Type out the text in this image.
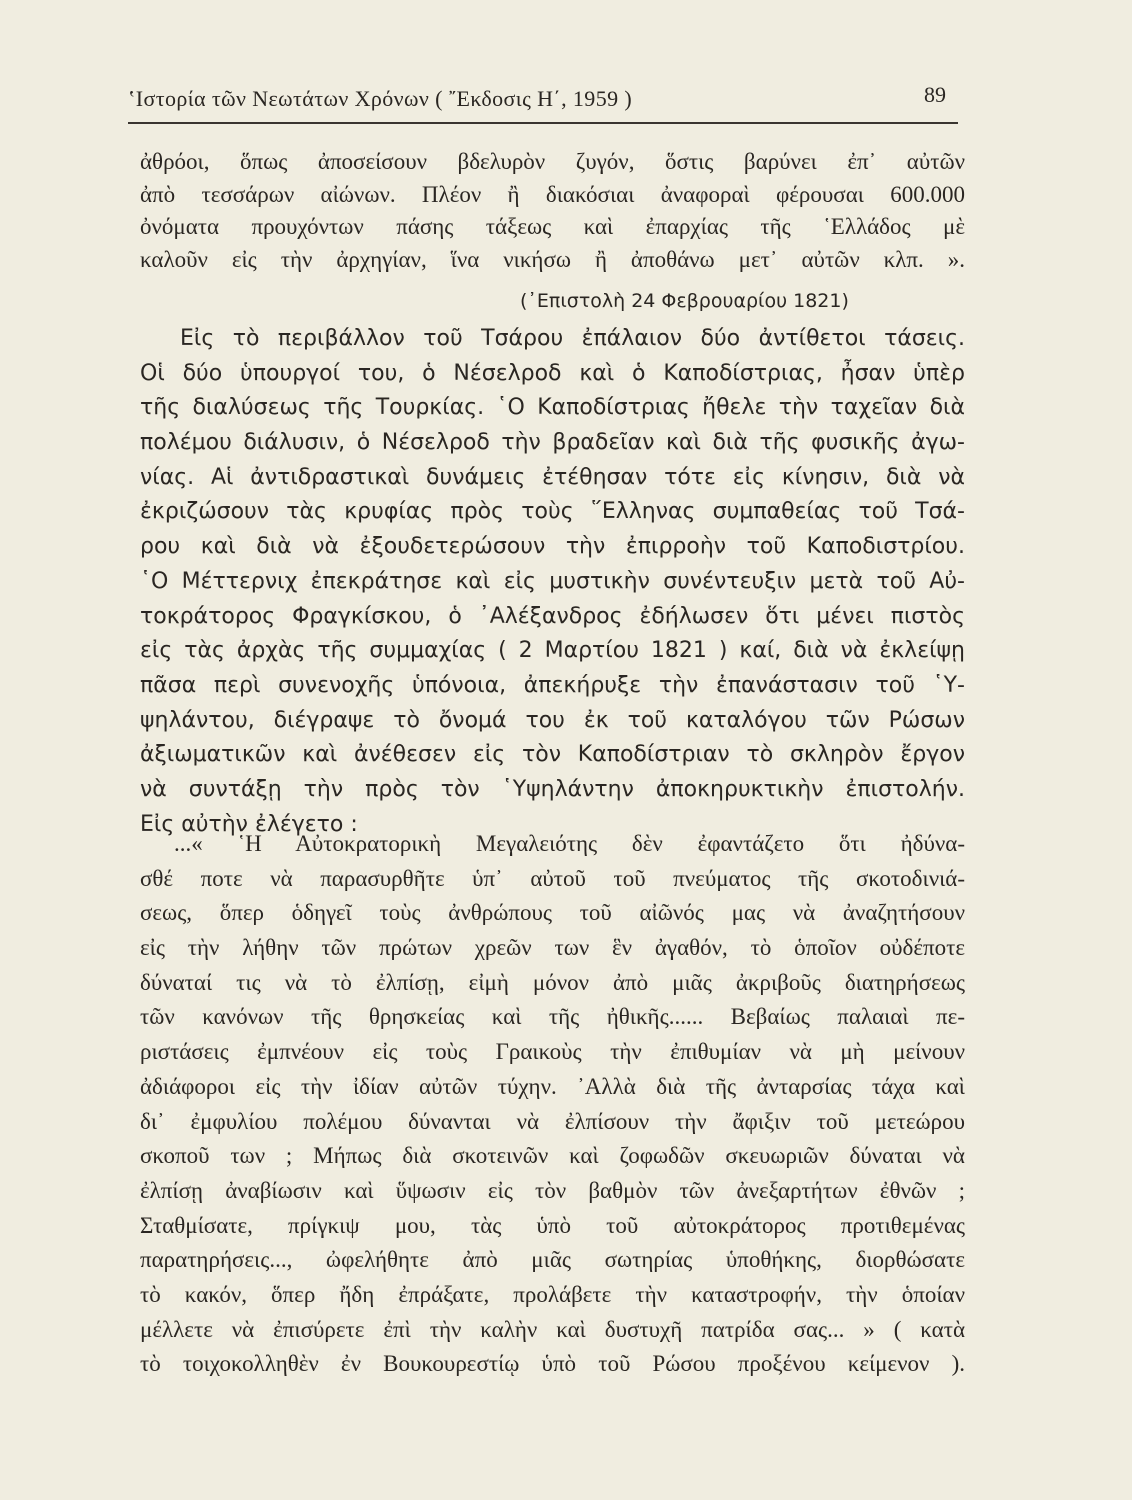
ʽΙστορία τῶν Νεωτάτων Χρόνων ( ῎Εκδοσις Η΄, 1959 )	89
ἀθρόοι, ὅπως ἀποσείσουν βδελυρὸν ζυγόν, ὅστις βαρύνει ἐπ᾽ αὐτῶν
ἀπὸ τεσσάρων αἰώνων. Πλέον ἢ διακόσιαι ἀναφοραὶ φέρουσαι 600.000
ὀνόματα προυχόντων πάσης τάξεως καὶ ἐπαρχίας τῆς ῾Ελλάδος μὲ
καλοῦν εἰς τὴν ἀρχηγίαν, ἵνα νικήσω ἢ ἀποθάνω μετ᾽ αὐτῶν κλπ. ».
(᾽Επιστολὴ 24 Φεβρουαρίου 1821)
Εἰς τὸ περιβάλλον τοῦ Τσάρου ἐπάλαιον δύο ἀντίθετοι τάσεις.
Οἱ δύο ὑπουργοί του, ὁ Νέσελροδ καὶ ὁ Καποδίστριας, ἦσαν ὑπὲρ
τῆς διαλύσεως τῆς Τουρκίας. ῾Ο Καποδίστριας ἤθελε τὴν ταχεῖαν διὰ
πολέμου διάλυσιν, ὁ Νέσελροδ τὴν βραδεῖαν καὶ διὰ τῆς φυσικῆς ἀγω-
νίας. Αἱ ἀντιδραστικαὶ δυνάμεις ἐτέθησαν τότε εἰς κίνησιν, διὰ νὰ
ἐκριζώσουν τὰς κρυφίας πρὸς τοὺς ῞Ελληνας συμπαθείας τοῦ Τσά-
ρου καὶ διὰ νὰ ἐξουδετερώσουν τὴν ἐπιρροὴν τοῦ Καποδιστρίου.
῾Ο Μέττερνιχ ἐπεκράτησε καὶ εἰς μυστικὴν συνέντευξιν μετὰ τοῦ Αὐ-
τοκράτορος Φραγκίσκου, ὁ ᾽Αλέξανδρος ἐδήλωσεν ὅτι μένει πιστὸς
εἰς τὰς ἀρχὰς τῆς συμμαχίας ( 2 Μαρτίου 1821 ) καί, διὰ νὰ ἐκλείψῃ
πᾶσα περὶ συνενοχῆς ὑπόνοια, ἀπεκήρυξε τὴν ἐπανάστασιν τοῦ ῾Υ-
ψηλάντου, διέγραψε τὸ ὄνομά του ἐκ τοῦ καταλόγου τῶν Ρώσων
ἀξιωματικῶν καὶ ἀνέθεσεν εἰς τὸν Καποδίστριαν τὸ σκληρὸν ἔργον
νὰ συντάξῃ τὴν πρὸς τὸν ῾Υψηλάντην ἀποκηρυκτικὴν ἐπιστολήν.
Εἰς αὐτὴν ἐλέγετο :
...« ῾Η Αὐτοκρατορικὴ Μεγαλειότης δὲν ἐφαντάζετο ὅτι ἠδύνα-
σθέ ποτε νὰ παρασυρθῆτε ὑπ᾽ αὐτοῦ τοῦ πνεύματος τῆς σκοτοδινιά-
σεως, ὅπερ ὁδηγεῖ τοὺς ἀνθρώπους τοῦ αἰῶνός μας νὰ ἀναζητήσουν
εἰς τὴν λήθην τῶν πρώτων χρεῶν των ἓν ἀγαθόν, τὸ ὁποῖον οὐδέποτε
δύναταί τις νὰ τὸ ἐλπίσῃ, εἰμὴ μόνον ἀπὸ μιᾶς ἀκριβοῦς διατηρήσεως
τῶν κανόνων τῆς θρησκείας καὶ τῆς ἠθικῆς...... Βεβαίως παλαιαὶ πε-
ριστάσεις ἐμπνέουν εἰς τοὺς Γραικοὺς τὴν ἐπιθυμίαν νὰ μὴ μείνουν
ἀδιάφοροι εἰς τὴν ἰδίαν αὐτῶν τύχην. ᾽Αλλὰ διὰ τῆς ἀνταρσίας τάχα καὶ
δι᾽ ἐμφυλίου πολέμου δύνανται νὰ ἐλπίσουν τὴν ἄφιξιν τοῦ μετεώρου
σκοποῦ των ; Μήπως διὰ σκοτεινῶν καὶ ζοφωδῶν σκευωριῶν δύναται νὰ
ἐλπίσῃ ἀναβίωσιν καὶ ὕψωσιν εἰς τὸν βαθμὸν τῶν ἀνεξαρτήτων ἐθνῶν ;
Σταθμίσατε, πρίγκιψ μου, τὰς ὑπὸ τοῦ αὐτοκράτορος προτιθεμένας
παρατηρήσεις..., ὠφελήθητε ἀπὸ μιᾶς σωτηρίας ὑποθήκης, διορθώσατε
τὸ κακόν, ὅπερ ἤδη ἐπράξατε, προλάβετε τὴν καταστροφήν, τὴν ὁποίαν
μέλλετε νὰ ἐπισύρετε ἐπὶ τὴν καλὴν καὶ δυστυχῆ πατρίδα σας... » ( κατὰ
τὸ τοιχοκολληθὲν ἐν Βουκουρεστίῳ ὑπὸ τοῦ Ρώσου προξένου κείμενον ).
